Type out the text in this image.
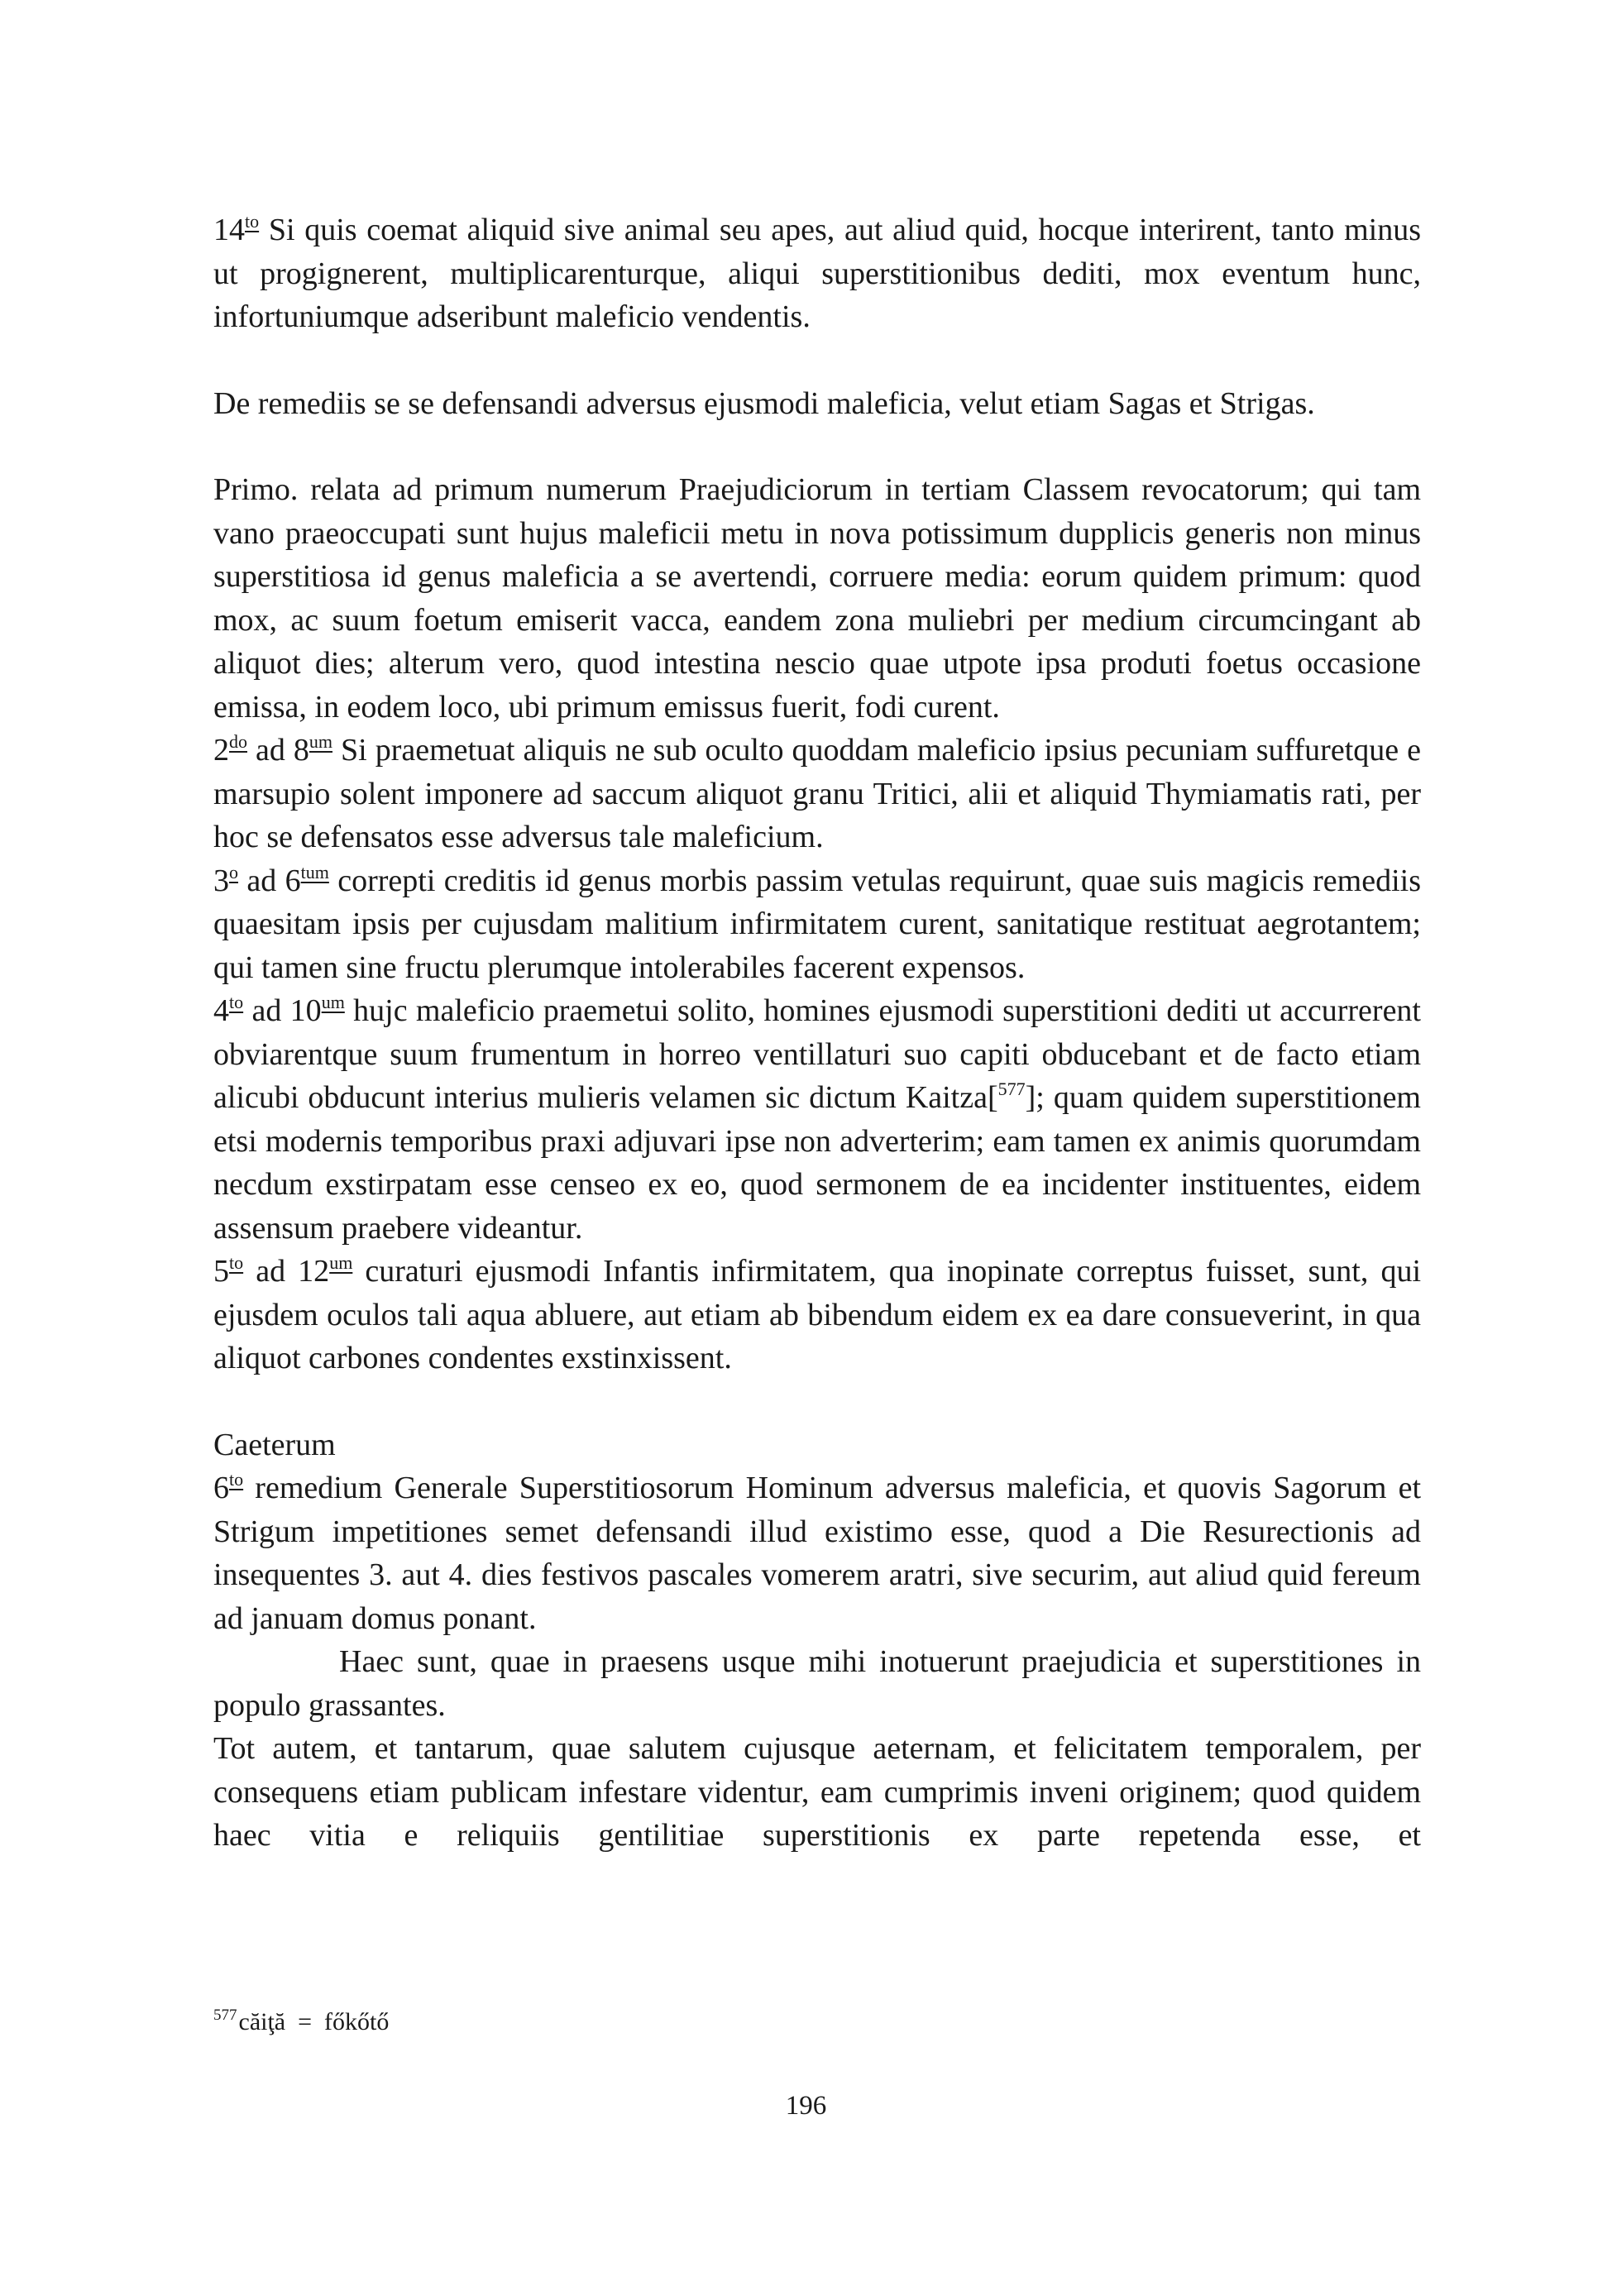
$14^{to}$ Si quis coemat aliquid sive animal seu apes, aut aliud quid, hocque interirent, tanto minus ut progignerent, multiplicarenturque, aliqui superstitionibus dediti, mox eventum hunc, infortuniumque adseribunt maleficio vendentis.

De remediis se se defensandi adversus ejusmodi maleficia, velut etiam Sagas et Strigas.

Primo. relata ad primum numerum Praejudiciorum in tertiam Classem revocatorum; qui tam vano praeoccupati sunt hujus maleficii metu in nova potissimum dupplicis generis non minus superstitiosa id genus maleficia a se avertendi, corruere media: eorum quidem primum: quod mox, ac suum foetum emiserit vacca, eandem zona muliebri per medium circumcingant ab aliquot dies; alterum vero, quod intestina nescio quae utpote ipsa produti foetus occasione emissa, in eodem loco, ubi primum emissus fuerit, fodi curent.

$2^{do}$ ad $8^{um}$ Si praemetuat aliquis ne sub oculto quoddam maleficio ipsius pecuniam suffuretque e marsupio solent imponere ad saccum aliquot granu Tritici, alii et aliquid Thymiamatis rati, per hoc se defensatos esse adversus tale maleficium.

3$^o$ ad $6^{tum}$ correpti creditis id genus morbis passim vetulas requirunt, quae suis magicis remediis quaesitam ipsis per cujusdam malitium infirmitatem curent, sanitatique restituat aegrotantem; qui tamen sine fructu plerumque intolerabiles facerent expensos.

$4^{to}$ ad $10^{um}$ hujc maleficio praemetui solito, homines ejusmodi superstitioni dediti ut accurrerent obviarentque suum frumentum in horreo ventillaturi suo capiti obducebant et de facto etiam alicubi obducunt interius mulieris velamen sic dictum Kaitza[$^{577}$]; quam quidem superstitionem etsi modernis temporibus praxi adjuvari ipse non adverterim; eam tamen ex animis quorumdam necdum exstirpatam esse censeo ex eo, quod sermonem de ea incidenter instituentes, eidem assensum praebere videantur.

$5^{to}$ ad $12^{um}$ curaturi ejusmodi Infantis infirmitatem, qua inopinate correptus fuisset, sunt, qui ejusdem oculos tali aqua abluere, aut etiam ab bibendum eidem ex ea dare consueverint, in qua aliquot carbones condentes exstinxissent.

Caeterum

$6^{to}$ remedium Generale Superstitiosorum Hominum adversus maleficia, et quovis Sagorum et Strigum impetitiones semet defensandi illud existimo esse, quod a Die Resurectionis ad insequentes 3. aut 4. dies festivos pascales vomerem aratri, sive securim, aut aliud quid fereum ad januam domus ponant.

Haec sunt, quae in praesens usque mihi inotuerunt praejudicia et superstitiones in populo grassantes.

Tot autem, et tantarum, quae salutem cujusque aeternam, et felicitatem temporalem, per consequens etiam publicam infestare videntur, eam cumprimis inveni originem; quod quidem haec vitia e reliquiis gentilitiae superstitionis ex parte repetenda esse, et

$^{577}$căiţă  =  főkőtő
196
